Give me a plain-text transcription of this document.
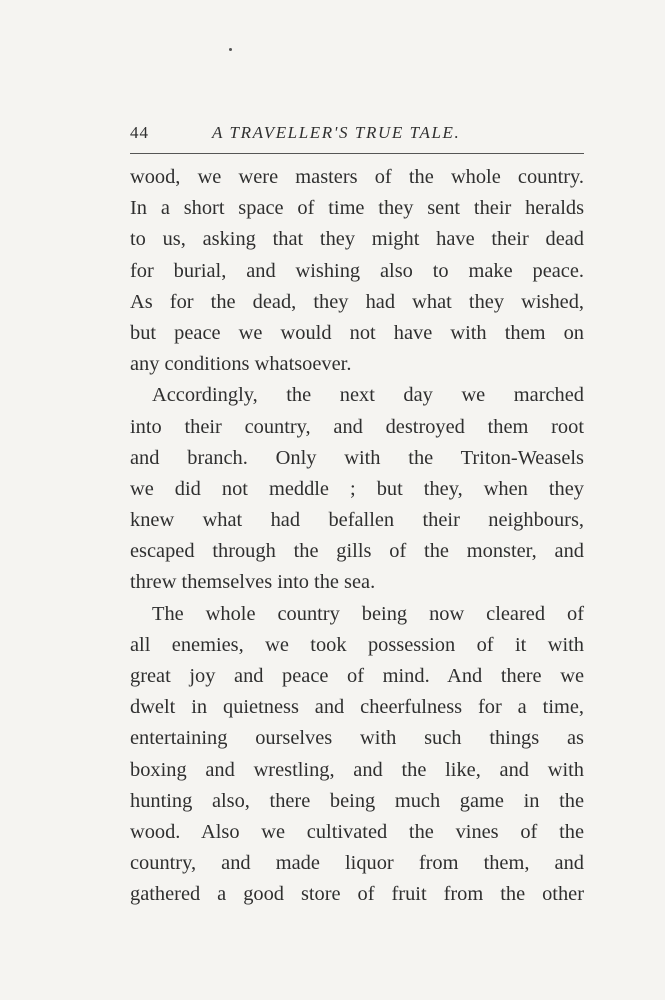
44	A TRAVELLER'S TRUE TALE.
wood, we were masters of the whole country.
In a short space of time they sent their heralds
to us, asking that they might have their dead
for burial, and wishing also to make peace.
As for the dead, they had what they wished,
but peace we would not have with them on
any conditions whatsoever.
Accordingly, the next day we marched
into their country, and destroyed them root
and branch. Only with the Triton-Weasels
we did not meddle ; but they, when they
knew what had befallen their neighbours,
escaped through the gills of the monster, and
threw themselves into the sea.
The whole country being now cleared of
all enemies, we took possession of it with
great joy and peace of mind. And there we
dwelt in quietness and cheerfulness for a time,
entertaining ourselves with such things as
boxing and wrestling, and the like, and with
hunting also, there being much game in the
wood. Also we cultivated the vines of the
country, and made liquor from them, and
gathered a good store of fruit from the other
